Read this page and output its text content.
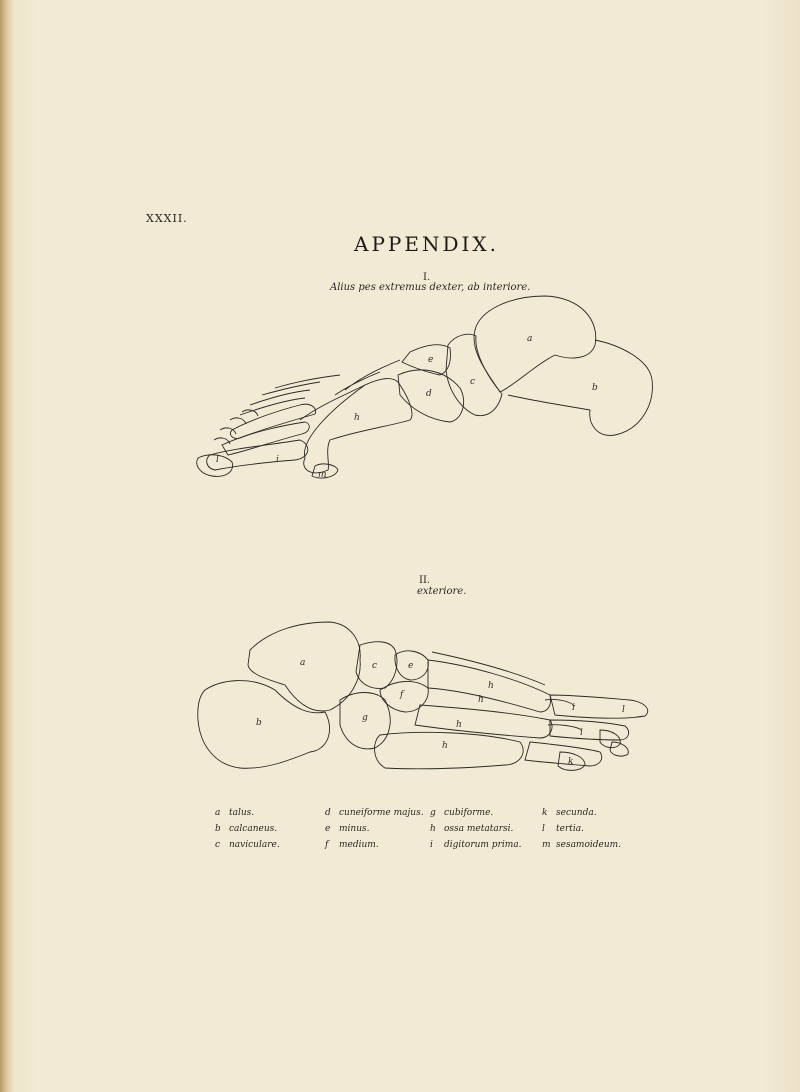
XXXII.
APPENDIX.
I.
Alius pes extremus dexter, ab interiore.
II.
exteriore.
a
b
c
d
e
h
i
l
m
a
b
c	e
f
g
h
h
h
h
i
i
l
k
a talus.
b calcaneus.
c naviculare.
d cuneiforme majus.
e minus.
f medium.
g cubiforme.
h ossa metatarsi.
i digitorum prima.
k secunda.
l tertia.
m sesamoideum.
